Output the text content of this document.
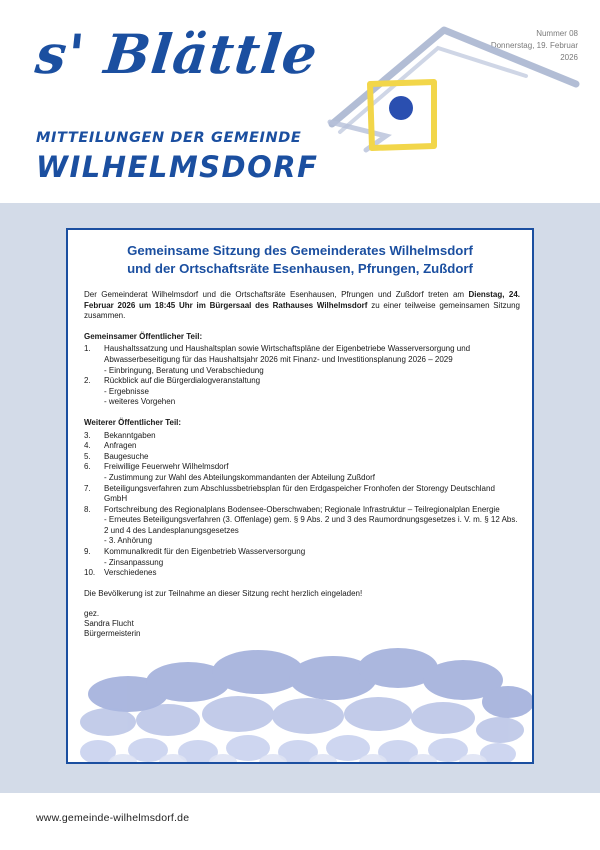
s' Blättle
MITTEILUNGEN DER GEMEINDE
WILHELMSDORF
Nummer 08
Donnerstag, 19. Februar 2026
Gemeinsame Sitzung des Gemeinderates Wilhelmsdorf
und der Ortschaftsräte Esenhausen, Pfrungen, Zußdorf

Der Gemeinderat Wilhelmsdorf und die Ortschaftsräte Esenhausen, Pfrungen und Zußdorf treten am Dienstag, 24. Februar 2026 um 18:45 Uhr im Bürgersaal des Rathauses Wilhelmsdorf zu einer teilweise gemeinsamen Sitzung zusammen.

Gemeinsamer Öffentlicher Teil:
1.	Haushaltssatzung und Haushaltsplan sowie Wirtschaftspläne der Eigenbetriebe Wasserversorgung und Abwasserbeseitigung für das Haushaltsjahr 2026 mit Finanz- und Investitionsplanung 2026 – 2029
- Einbringung, Beratung und Verabschiedung
2.	Rückblick auf die Bürgerdialogveranstaltung
- Ergebnisse
- weiteres Vorgehen
Weiterer Öffentlicher Teil:
3.	Bekanntgaben
4.	Anfragen
5.	Baugesuche
6.	Freiwillige Feuerwehr Wilhelmsdorf
- Zustimmung zur Wahl des Abteilungskommandanten der Abteilung Zußdorf
7.	Beteiligungsverfahren zum Abschlussbetriebsplan für den Erdgaspeicher Fronhofen der Storengy Deutschland GmbH
8.	Fortschreibung des Regionalplans Bodensee-Oberschwaben; Regionale Infrastruktur – Teilregionalplan Energie
- Erneutes Beteiligungsverfahren (3. Offenlage) gem. § 9 Abs. 2 und 3 des Raumordnungsgesetzes i. V. m. § 12 Abs. 2 und 4 des Landesplanungsgesetzes
- 3. Anhörung
9.	Kommunalkredit für den Eigenbetrieb Wasserversorgung
- Zinsanpassung
10.	Verschiedenes

Die Bevölkerung ist zur Teilnahme an dieser Sitzung recht herzlich eingeladen!

gez.
Sandra Flucht
Bürgermeisterin
www.gemeinde-wilhelmsdorf.de
